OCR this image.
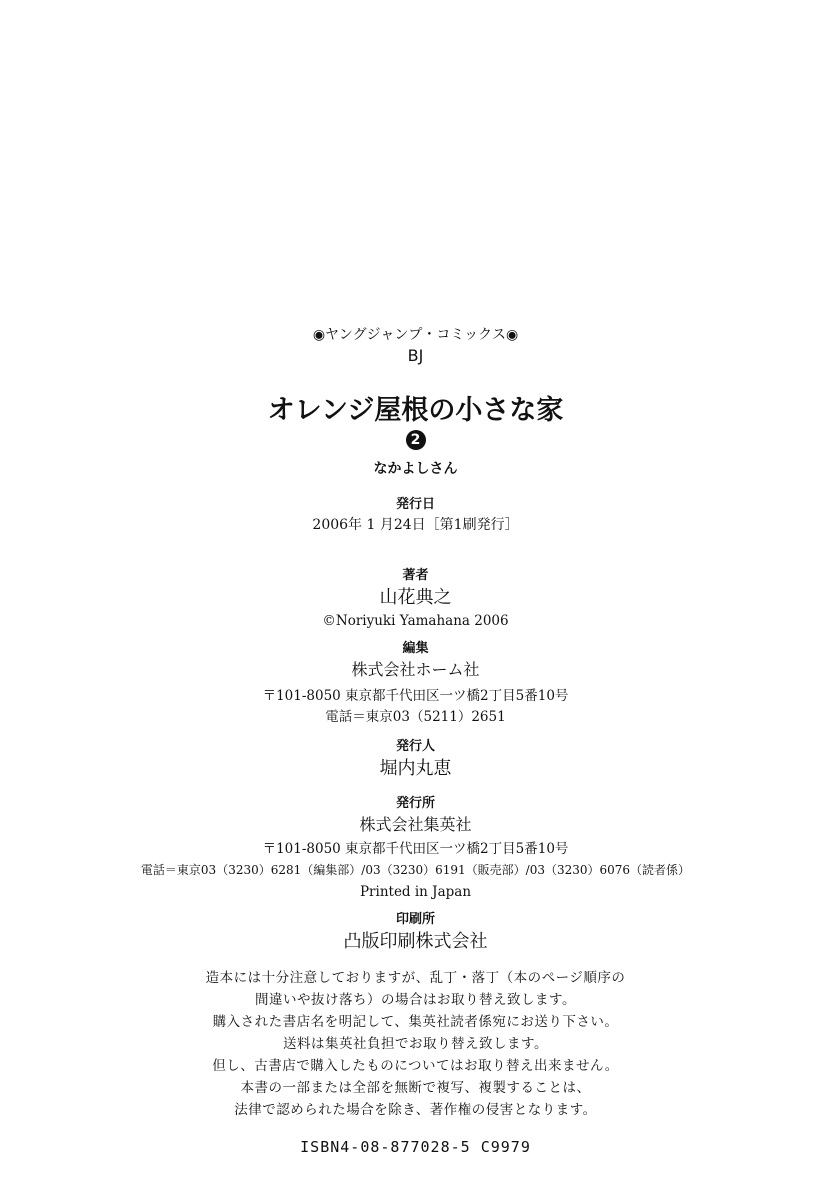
◉ヤングジャンプ・コミックス◉
BJ
オレンジ屋根の小さな家
2
なかよしさん
発行日
2006年 1 月24日［第1刷発行］
著者
山花典之
©Noriyuki Yamahana 2006
編集
株式会社ホーム社
〒101-8050 東京都千代田区一ツ橋2丁目5番10号
電話＝東京03（5211）2651
発行人
堀内丸恵
発行所
株式会社集英社
〒101-8050 東京都千代田区一ツ橋2丁目5番10号
電話＝東京03（3230）6281（編集部）/03（3230）6191（販売部）/03（3230）6076（読者係）
Printed in Japan
印刷所
凸版印刷株式会社
造本には十分注意しておりますが、乱丁・落丁（本のページ順序の
間違いや抜け落ち）の場合はお取り替え致します。
購入された書店名を明記して、集英社読者係宛にお送り下さい。
送料は集英社負担でお取り替え致します。
但し、古書店で購入したものについてはお取り替え出来ません。
本書の一部または全部を無断で複写、複製することは、
法律で認められた場合を除き、著作権の侵害となります。
ISBN4-08-877028-5 C9979
